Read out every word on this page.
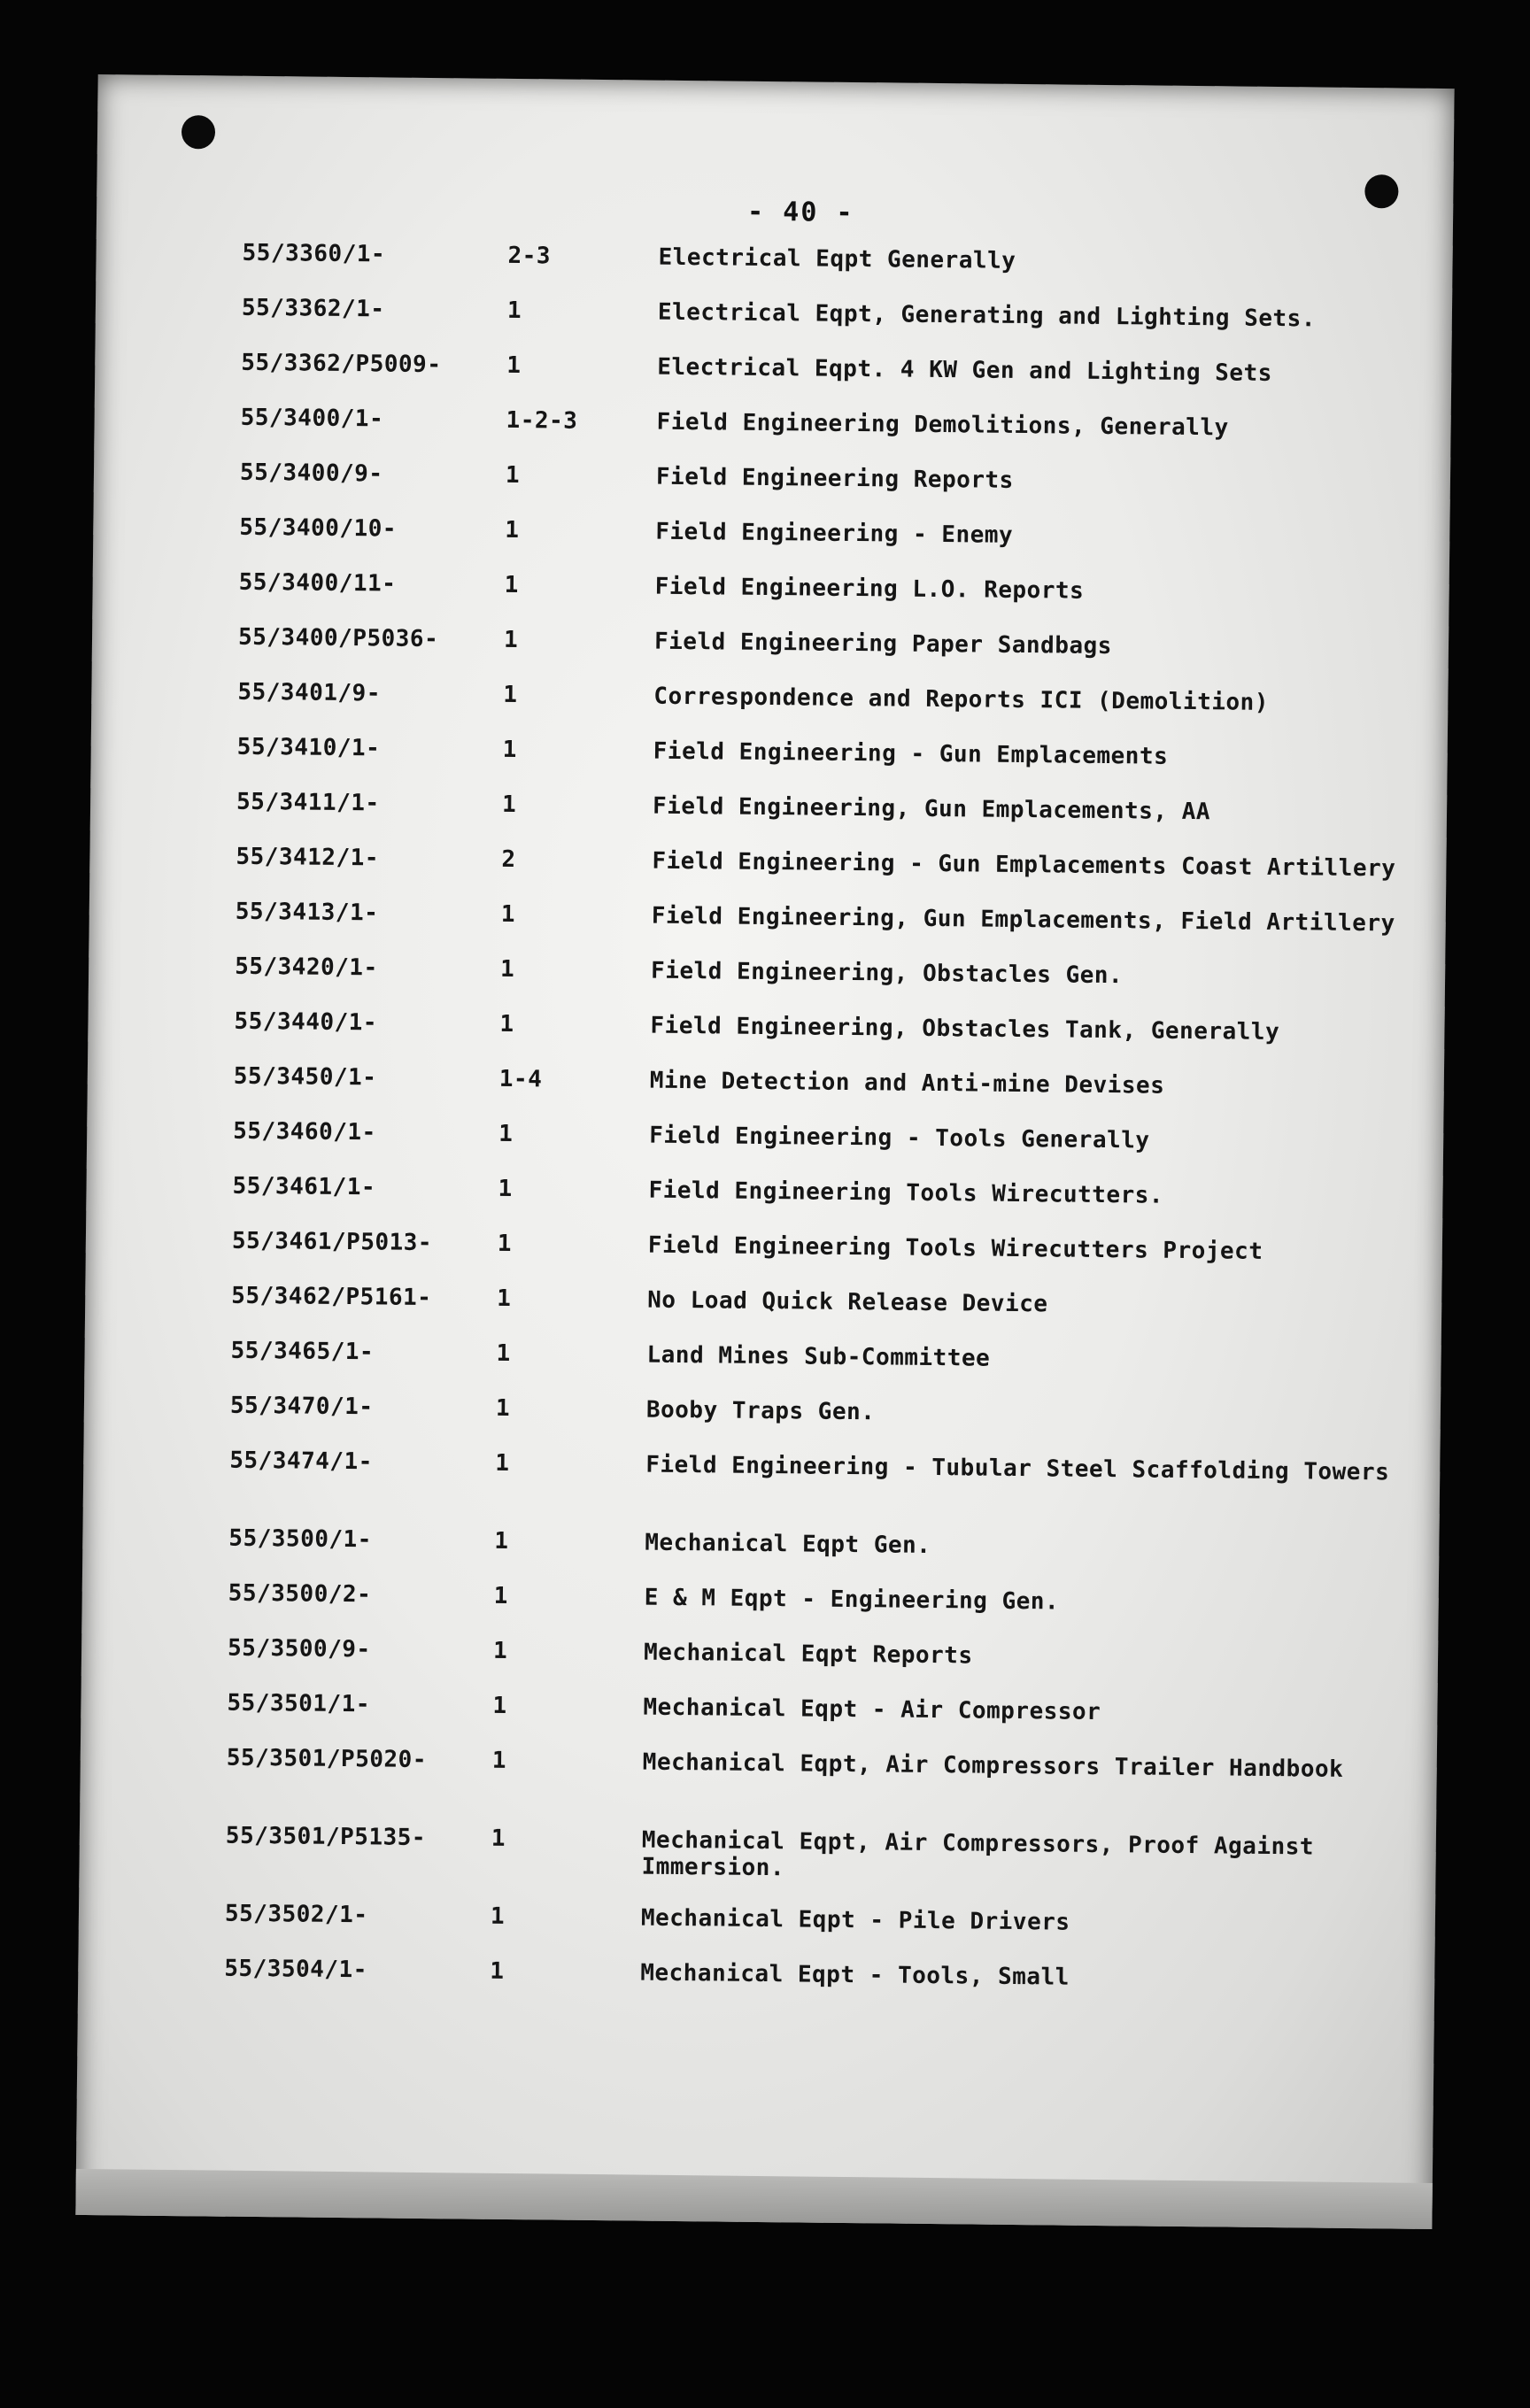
- 40 -
55/3360/1-	2-3	Electrical Eqpt Generally
55/3362/1-	1	Electrical Eqpt, Generating and Lighting Sets.
55/3362/P5009-	1	Electrical Eqpt. 4 KW Gen and Lighting Sets
55/3400/1-	1-2-3	Field Engineering Demolitions, Generally
55/3400/9-	1	Field Engineering Reports
55/3400/10-	1	Field Engineering - Enemy
55/3400/11-	1	Field Engineering L.O. Reports
55/3400/P5036-	1	Field Engineering Paper Sandbags
55/3401/9-	1	Correspondence and Reports ICI (Demolition)
55/3410/1-	1	Field Engineering - Gun Emplacements
55/3411/1-	1	Field Engineering, Gun Emplacements, AA
55/3412/1-	2	Field Engineering - Gun Emplacements Coast Artillery
55/3413/1-	1	Field Engineering, Gun Emplacements, Field Artillery
55/3420/1-	1	Field Engineering, Obstacles Gen.
55/3440/1-	1	Field Engineering, Obstacles Tank, Generally
55/3450/1-	1-4	Mine Detection and Anti-mine Devises
55/3460/1-	1	Field Engineering - Tools Generally
55/3461/1-	1	Field Engineering Tools Wirecutters.
55/3461/P5013-	1	Field Engineering Tools Wirecutters Project
55/3462/P5161-	1	No Load Quick Release Device
55/3465/1-	1	Land Mines Sub-Committee
55/3470/1-	1	Booby Traps Gen.
55/3474/1-	1	Field Engineering - Tubular Steel Scaffolding Towers
55/3500/1-	1	Mechanical Eqpt Gen.
55/3500/2-	1	E & M Eqpt - Engineering Gen.
55/3500/9-	1	Mechanical Eqpt Reports
55/3501/1-	1	Mechanical Eqpt - Air Compressor
55/3501/P5020-	1	Mechanical Eqpt, Air Compressors Trailer Handbook
55/3501/P5135-	1	Mechanical Eqpt, Air Compressors, Proof Against Immersion.
55/3502/1-	1	Mechanical Eqpt - Pile Drivers
55/3504/1-	1	Mechanical Eqpt - Tools, Small
